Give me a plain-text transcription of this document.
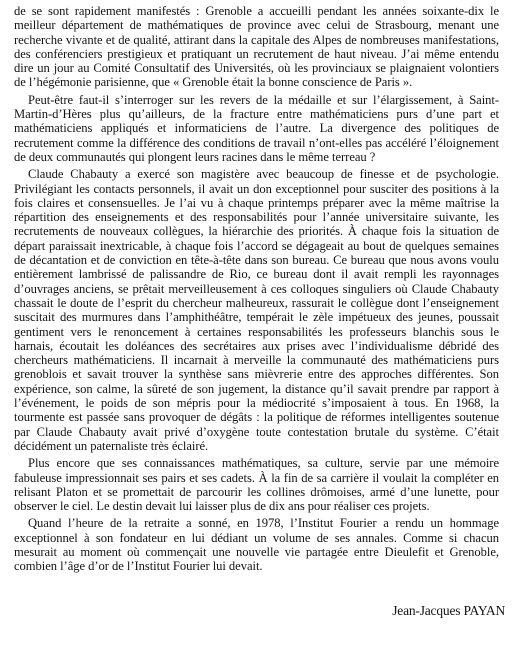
de se sont rapidement manifestés : Grenoble a accueilli pendant les années soixante-dix le meilleur département de mathématiques de province avec celui de Strasbourg, menant une recherche vivante et de qualité, attirant dans la capitale des Alpes de nombreuses manifestations, des conférenciers prestigieux et pratiquant un recrutement de haut niveau. J’ai même entendu dire un jour au Comité Consultatif des Universités, où les provinciaux se plaignaient volontiers de l’hégémonie parisienne, que « Grenoble était la bonne conscience de Paris ».

Peut-être faut-il s’interroger sur les revers de la médaille et sur l’élargissement, à Saint-Martin-d’Hères plus qu’ailleurs, de la fracture entre mathématiciens purs d’une part et mathématiciens appliqués et informaticiens de l’autre. La divergence des politiques de recrutement comme la différence des conditions de travail n’ont-elles pas accéléré l’éloignement de deux communautés qui plongent leurs racines dans le même terreau ?

Claude Chabauty a exercé son magistère avec beaucoup de finesse et de psychologie. Privilégiant les contacts personnels, il avait un don exceptionnel pour susciter des positions à la fois claires et consensuelles. Je l’ai vu à chaque printemps préparer avec la même maîtrise la répartition des enseignements et des responsabilités pour l’année universitaire suivante, les recrutements de nouveaux collègues, la hiérarchie des priorités. À chaque fois la situation de départ paraissait inextricable, à chaque fois l’accord se dégageait au bout de quelques semaines de décantation et de conviction en tête-à-tête dans son bureau. Ce bureau que nous avons voulu entièrement lambrissé de palissandre de Rio, ce bureau dont il avait rempli les rayonnages d’ouvrages anciens, se prêtait merveilleusement à ces colloques singuliers où Claude Chabauty chassait le doute de l’esprit du chercheur malheureux, rassurait le collègue dont l’enseignement suscitait des murmures dans l’amphithéâtre, tempérait le zèle impétueux des jeunes, poussait gentiment vers le renoncement à certaines responsabilités les professeurs blanchis sous le harnais, écoutait les doléances des secrétaires aux prises avec l’individualisme débridé des chercheurs mathématiciens. Il incarnait à merveille la communauté des mathématiciens purs grenoblois et savait trouver la synthèse sans mièvrerie entre des approches différentes. Son expérience, son calme, la sûreté de son jugement, la distance qu’il savait prendre par rapport à l’événement, le poids de son mépris pour la médiocrité s’imposaient à tous. En 1968, la tourmente est passée sans provoquer de dégâts : la politique de réformes intelligentes soutenue par Claude Chabauty avait privé d’oxygène toute contestation brutale du système. C’était décidément un paternaliste très éclairé.

Plus encore que ses connaissances mathématiques, sa culture, servie par une mémoire fabuleuse impressionnait ses pairs et ses cadets. À la fin de sa carrière il voulait la compléter en relisant Platon et se promettait de parcourir les collines drômoises, armé d’une lunette, pour observer le ciel. Le destin devait lui laisser plus de dix ans pour réaliser ces projets.

Quand l’heure de la retraite a sonné, en 1978, l’Institut Fourier a rendu un hommage exceptionnel à son fondateur en lui dédiant un volume de ses annales. Comme si chacun mesurait au moment où commençait une nouvelle vie partagée entre Dieulefit et Grenoble, combien l’âge d’or de l’Institut Fourier lui devait.

Jean-Jacques PAYAN
